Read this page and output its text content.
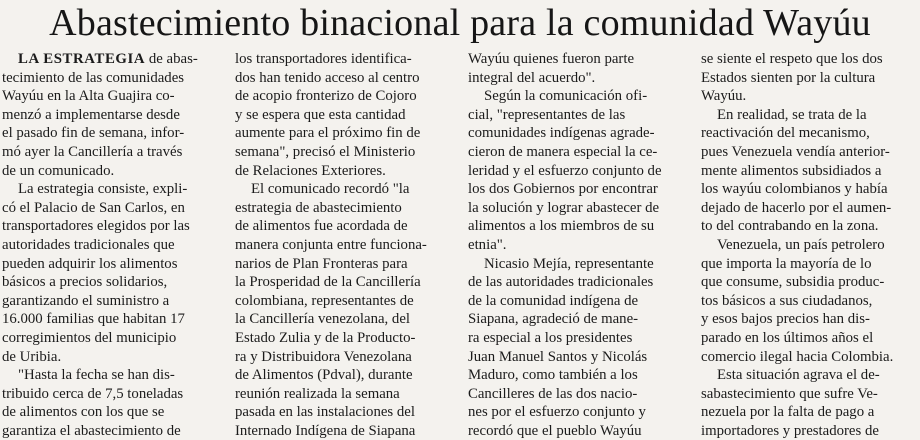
Abastecimiento binacional para la comunidad Wayúu

LA ESTRATEGIA de abas-
tecimiento de las comunidades
Wayúu en la Alta Guajira co-
menzó a implementarse desde
el pasado fin de semana, infor-
mó ayer la Cancillería a través
de un comunicado.

La estrategia consiste, expli-
có el Palacio de San Carlos, en
transportadores elegidos por las
autoridades tradicionales que
pueden adquirir los alimentos
básicos a precios solidarios,
garantizando el suministro a
16.000 familias que habitan 17
corregimientos del municipio
de Uribia.

"Hasta la fecha se han dis-
tribuido cerca de 7,5 toneladas
de alimentos con los que se
garantiza el abastecimiento de

los transportadores identifica-
dos han tenido acceso al centro
de acopio fronterizo de Cojoro
y se espera que esta cantidad
aumente para el próximo fin de
semana", precisó el Ministerio
de Relaciones Exteriores.

El comunicado recordó "la
estrategia de abastecimiento
de alimentos fue acordada de
manera conjunta entre funciona-
narios de Plan Fronteras para
la Prosperidad de la Cancillería
colombiana, representantes de
la Cancillería venezolana, del
Estado Zulia y de la Producto-
ra y Distribuidora Venezolana
de Alimentos (Pdval), durante
reunión realizada la semana
pasada en las instalaciones del
Internado Indígena de Siapana

Wayúu quienes fueron parte
integral del acuerdo".

Según la comunicación ofi-
cial, "representantes de las
comunidades indígenas agrade-
cieron de manera especial la ce-
leridad y el esfuerzo conjunto de
los dos Gobiernos por encontrar
la solución y lograr abastecer de
alimentos a los miembros de su
etnia".

Nicasio Mejía, representante
de las autoridades tradicionales
de la comunidad indígena de
Siapana, agradeció de mane-
ra especial a los presidentes
Juan Manuel Santos y Nicolás
Maduro, como también a los
Cancilleres de las dos nacio-
nes por el esfuerzo conjunto y
recordó que el pueblo Wayúu

se siente el respeto que los dos
Estados sienten por la cultura
Wayúu.

En realidad, se trata de la
reactivación del mecanismo,
pues Venezuela vendía anterior-
mente alimentos subsidiados a
los wayúu colombianos y había
dejado de hacerlo por el aumen-
to del contrabando en la zona.

Venezuela, un país petrolero
que importa la mayoría de lo
que consume, subsidia produc-
tos básicos a sus ciudadanos,
y esos bajos precios han dis-
parado en los últimos años el
comercio ilegal hacia Colombia.

Esta situación agrava el de-
sabastecimiento que sufre Ve-
nezuela por la falta de pago a
importadores y prestadores de
